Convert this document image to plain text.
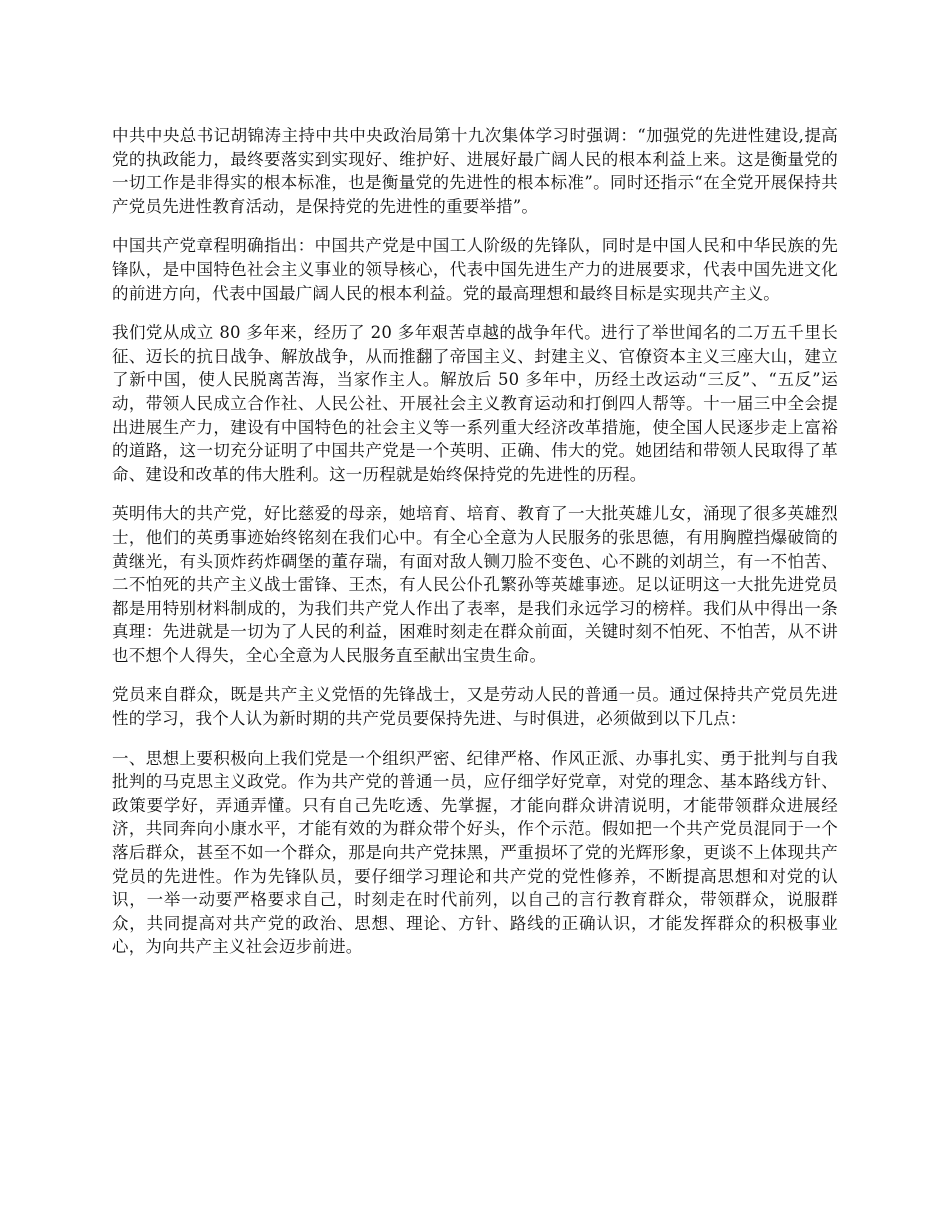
中共中央总书记胡锦涛主持中共中央政治局第十九次集体学习时强调：“加强党的先进性建设,提高党的执政能力，最终要落实到实现好、维护好、进展好最广阔人民的根本利益上来。这是衡量党的一切工作是非得实的根本标准，也是衡量党的先进性的根本标准”。同时还指示“在全党开展保持共产党员先进性教育活动，是保持党的先进性的重要举措”。

中国共产党章程明确指出：中国共产党是中国工人阶级的先锋队，同时是中国人民和中华民族的先锋队，是中国特色社会主义事业的领导核心，代表中国先进生产力的进展要求，代表中国先进文化的前进方向，代表中国最广阔人民的根本利益。党的最高理想和最终目标是实现共产主义。

我们党从成立 80 多年来，经历了 20 多年艰苦卓越的战争年代。进行了举世闻名的二万五千里长征、迈长的抗日战争、解放战争，从而推翻了帝国主义、封建主义、官僚资本主义三座大山，建立了新中国，使人民脱离苦海，当家作主人。解放后 50 多年中，历经土改运动“三反”、“五反”运动，带领人民成立合作社、人民公社、开展社会主义教育运动和打倒四人帮等。十一届三中全会提出进展生产力，建设有中国特色的社会主义等一系列重大经济改革措施，使全国人民逐步走上富裕的道路，这一切充分证明了中国共产党是一个英明、正确、伟大的党。她团结和带领人民取得了革命、建设和改革的伟大胜利。这一历程就是始终保持党的先进性的历程。

英明伟大的共产党，好比慈爱的母亲，她培育、培育、教育了一大批英雄儿女，涌现了很多英雄烈士，他们的英勇事迹始终铭刻在我们心中。有全心全意为人民服务的张思德，有用胸膛挡爆破筒的黄继光，有头顶炸药炸碉堡的董存瑞，有面对敌人铡刀脸不变色、心不跳的刘胡兰，有一不怕苦、二不怕死的共产主义战士雷锋、王杰，有人民公仆孔繁孙等英雄事迹。足以证明这一大批先进党员都是用特别材料制成的，为我们共产党人作出了表率，是我们永远学习的榜样。我们从中得出一条真理：先进就是一切为了人民的利益，困难时刻走在群众前面，关键时刻不怕死、不怕苦，从不讲也不想个人得失，全心全意为人民服务直至献出宝贵生命。

党员来自群众，既是共产主义党悟的先锋战士，又是劳动人民的普通一员。通过保持共产党员先进性的学习，我个人认为新时期的共产党员要保持先进、与时俱进，必须做到以下几点：

一、思想上要积极向上我们党是一个组织严密、纪律严格、作风正派、办事扎实、勇于批判与自我批判的马克思主义政党。作为共产党的普通一员，应仔细学好党章，对党的理念、基本路线方针、政策要学好，弄通弄懂。只有自己先吃透、先掌握，才能向群众讲清说明，才能带领群众进展经济，共同奔向小康水平，才能有效的为群众带个好头，作个示范。假如把一个共产党员混同于一个落后群众，甚至不如一个群众，那是向共产党抹黑，严重损坏了党的光辉形象，更谈不上体现共产党员的先进性。作为先锋队员，要仔细学习理论和共产党的党性修养，不断提高思想和对党的认识，一举一动要严格要求自己，时刻走在时代前列，以自己的言行教育群众，带领群众，说服群众，共同提高对共产党的政治、思想、理论、方针、路线的正确认识，才能发挥群众的积极事业心，为向共产主义社会迈步前进。
